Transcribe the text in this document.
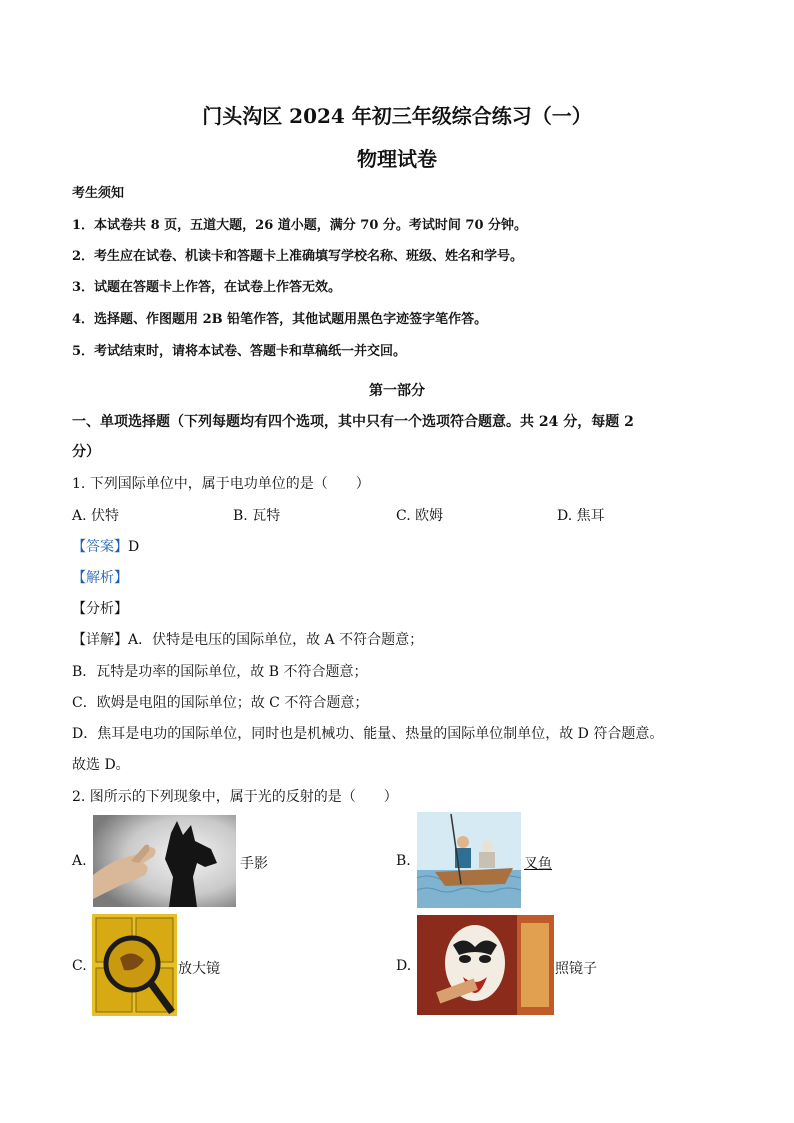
门头沟区 2024 年初三年级综合练习（一）
物理试卷
考生须知
1．本试卷共 8 页，五道大题，26 道小题，满分 70 分。考试时间 70 分钟。
2．考生应在试卷、机读卡和答题卡上准确填写学校名称、班级、姓名和学号。
3．试题在答题卡上作答，在试卷上作答无效。
4．选择题、作图题用 2B 铅笔作答，其他试题用黑色字迹签字笔作答。
5．考试结束时，请将本试卷、答题卡和草稿纸一并交回。
第一部分
一、单项选择题（下列每题均有四个选项，其中只有一个选项符合题意。共 24 分，每题 2
分）
1. 下列国际单位中，属于电功单位的是（　　）
A. 伏特	B. 瓦特	C. 欧姆	D. 焦耳
【答案】D
【解析】
【分析】
【详解】A．伏特是电压的国际单位，故 A 不符合题意；
B．瓦特是功率的国际单位，故 B 不符合题意；
C．欧姆是电阻的国际单位；故 C 不符合题意；
D．焦耳是电功的国际单位，同时也是机械功、能量、热量的国际单位制单位，故 D 符合题意。
故选 D。
2. 图所示的下列现象中，属于光的反射的是（　　）
A.	手影	B.	叉鱼
C.	放大镜	D.	照镜子
